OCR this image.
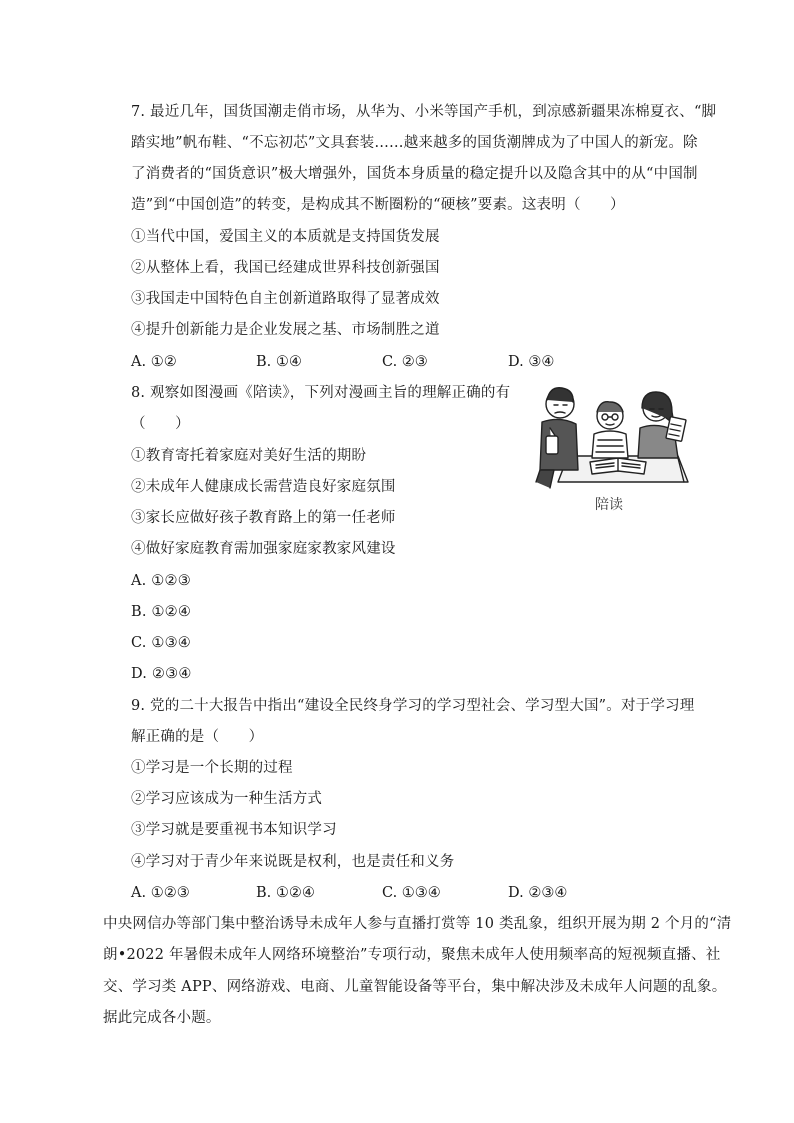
7. 最近几年，国货国潮走俏市场，从华为、小米等国产手机，到凉感新疆果冻棉夏衣、“脚
踏实地”帆布鞋、“不忘初芯”文具套装……越来越多的国货潮牌成为了中国人的新宠。除
了消费者的“国货意识”极大增强外，国货本身质量的稳定提升以及隐含其中的从“中国制
造”到“中国创造”的转变，是构成其不断圈粉的“硬核”要素。这表明（　　）
①当代中国，爱国主义的本质就是支持国货发展
②从整体上看，我国已经建成世界科技创新强国
③我国走中国特色自主创新道路取得了显著成效
④提升创新能力是企业发展之基、市场制胜之道
A. ①②	B. ①④	C. ②③	D. ③④
8. 观察如图漫画《陪读》，下列对漫画主旨的理解正确的有
（　　）
①教育寄托着家庭对美好生活的期盼
②未成年人健康成长需营造良好家庭氛围
③家长应做好孩子教育路上的第一任老师
④做好家庭教育需加强家庭家教家风建设
A. ①②③
B. ①②④
C. ①③④
D. ②③④
陪读
9. 党的二十大报告中指出“建设全民终身学习的学习型社会、学习型大国”。对于学习理
解正确的是（　　）
①学习是一个长期的过程
②学习应该成为一种生活方式
③学习就是要重视书本知识学习
④学习对于青少年来说既是权利，也是责任和义务
A. ①②③	B. ①②④	C. ①③④	D. ②③④
中央网信办等部门集中整治诱导未成年人参与直播打赏等 10 类乱象，组织开展为期 2 个月的“清
朗•2022 年暑假未成年人网络环境整治”专项行动，聚焦未成年人使用频率高的短视频直播、社
交、学习类 APP、网络游戏、电商、儿童智能设备等平台，集中解决涉及未成年人问题的乱象。
据此完成各小题。
